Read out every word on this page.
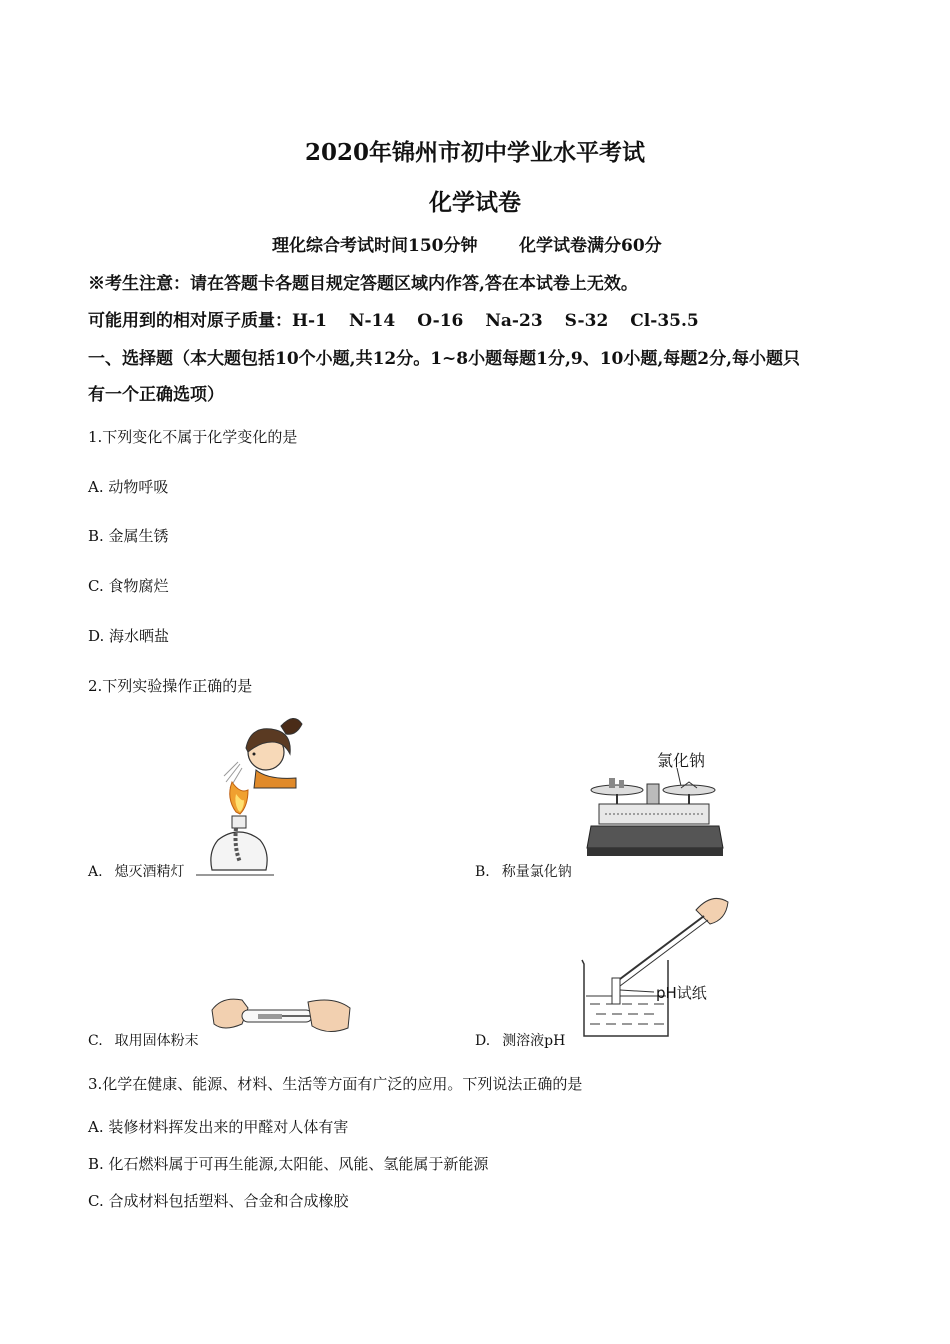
2020年锦州市初中学业水平考试
化学试卷
理化综合考试时间150分钟 化学试卷满分60分
※考生注意：请在答题卡各题目规定答题区域内作答,答在本试卷上无效。
可能用到的相对原子质量：H-1 N-14 O-16 Na-23 S-32 Cl-35.5
一、选择题（本大题包括10个小题,共12分。1~8小题每题1分,9、10小题,每题2分,每小题只
有一个正确选项）
1.下列变化不属于化学变化的是
A. 动物呼吸
B. 金属生锈
C. 食物腐烂
D. 海水晒盐
2.下列实验操作正确的是
氯化钠
pH试纸
A. 熄灭酒精灯	B. 称量氯化钠
C. 取用固体粉末	D. 测溶液pH
3.化学在健康、能源、材料、生活等方面有广泛的应用。下列说法正确的是
A. 装修材料挥发出来的甲醛对人体有害
B. 化石燃料属于可再生能源,太阳能、风能、氢能属于新能源
C. 合成材料包括塑料、合金和合成橡胶
